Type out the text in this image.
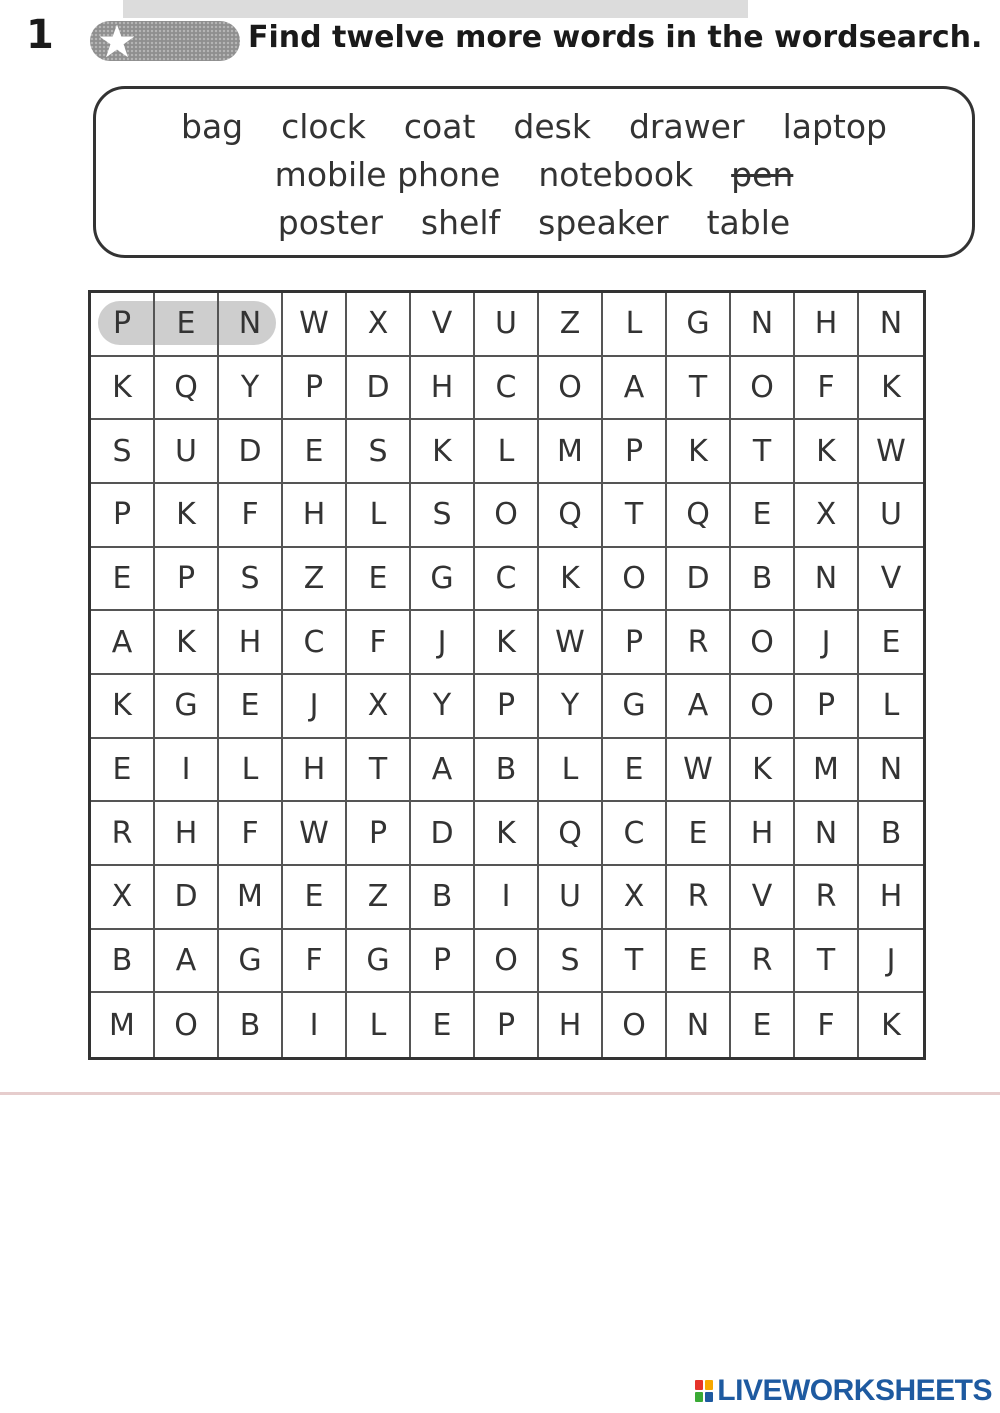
1	Find twelve more words in the wordsearch.
bag clock coat desk drawer laptop
mobile phone notebook pen
poster shelf speaker table
P	E	N	W	X	V	U	Z	L	G	N	H	N
K	Q	Y	P	D	H	C	O	A	T	O	F	K
S	U	D	E	S	K	L	M	P	K	T	K	W
P	K	F	H	L	S	O	Q	T	Q	E	X	U
E	P	S	Z	E	G	C	K	O	D	B	N	V
A	K	H	C	F	J	K	W	P	R	O	J	E
K	G	E	J	X	Y	P	Y	G	A	O	P	L
E	I	L	H	T	A	B	L	E	W	K	M	N
R	H	F	W	P	D	K	Q	C	E	H	N	B
X	D	M	E	Z	B	I	U	X	R	V	R	H
B	A	G	F	G	P	O	S	T	E	R	T	J
M	O	B	I	L	E	P	H	O	N	E	F	K
LIVEWORKSHEETS
